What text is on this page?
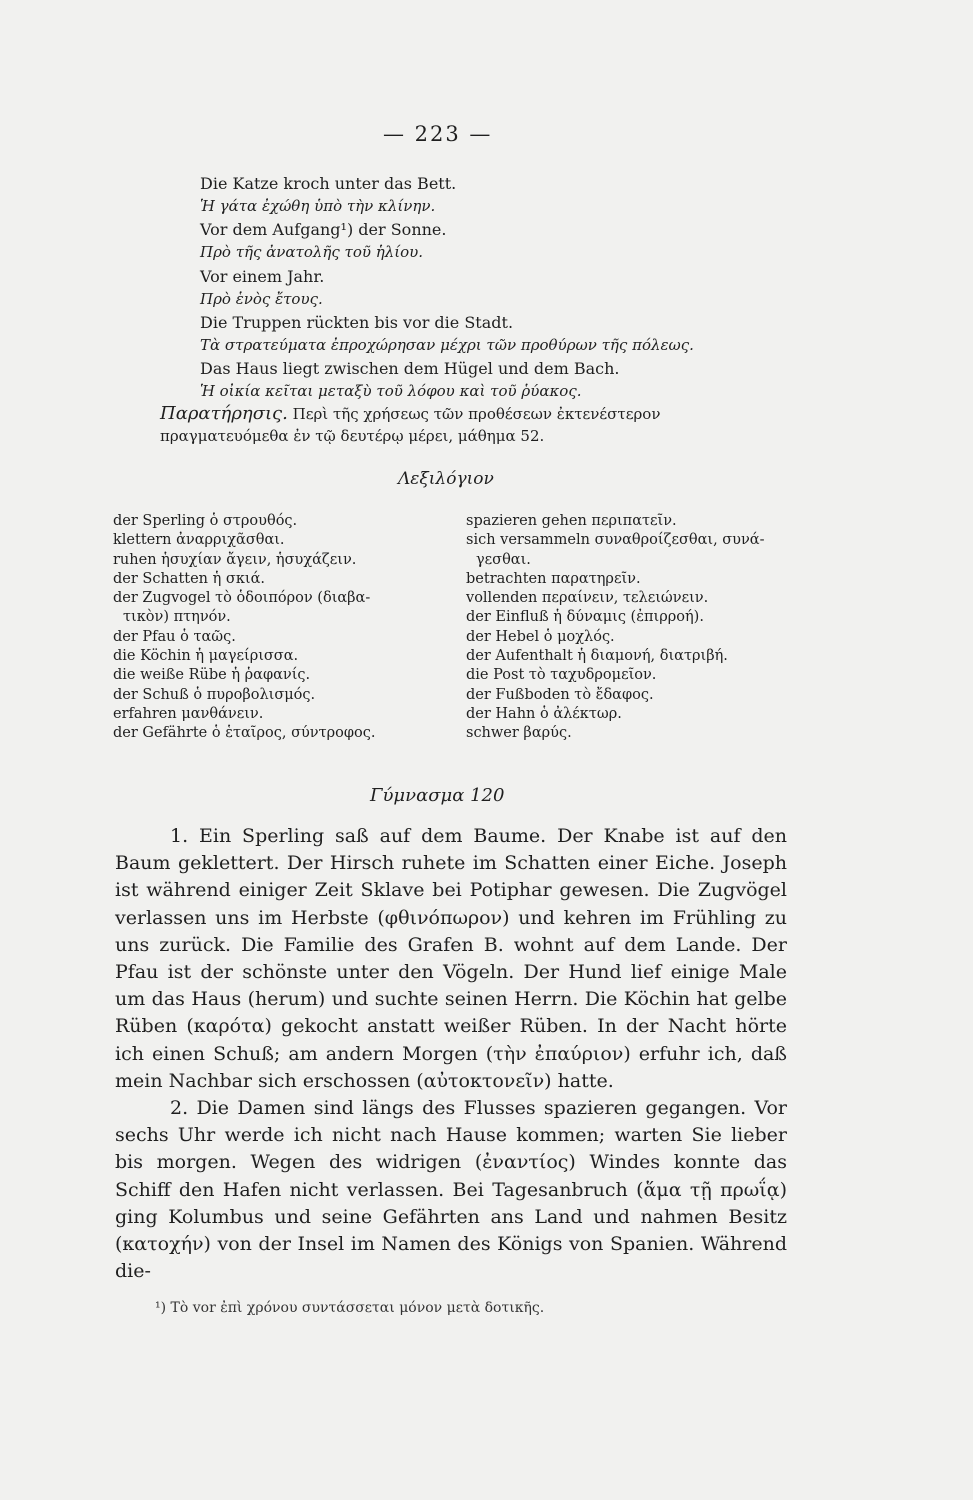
— 223 —
Die Katze kroch unter das Bett.
Ἡ γάτα ἐχώθη ὑπὸ τὴν κλίνην.
Vor dem Aufgang¹) der Sonne.
Πρὸ τῆς ἀνατολῆς τοῦ ἡλίου.
Vor einem Jahr.
Πρὸ ἑνὸς ἔτους.
Die Truppen rückten bis vor die Stadt.
Τὰ στρατεύματα ἐπροχώρησαν μέχρι τῶν προθύρων τῆς πόλεως.
Das Haus liegt zwischen dem Hügel und dem Bach.
Ἡ οἰκία κεῖται μεταξὺ τοῦ λόφου καὶ τοῦ ῥύακος.
Παρατήρησις. Περὶ τῆς χρήσεως τῶν προθέσεων ἐκτενέστερον πραγματευόμεθα ἐν τῷ δευτέρῳ μέρει, μάθημα 52.
Λεξιλόγιον
der Sperling ὁ στρουθός.
klettern ἀναρριχᾶσθαι.
ruhen ἡσυχίαν ἄγειν, ἡσυχάζειν.
der Schatten ἡ σκιά.
der Zugvogel τὸ ὁδοιπόρον (διαβα-
τικὸν) πτηνόν.
der Pfau ὁ ταῶς.
die Köchin ἡ μαγείρισσα.
die weiße Rübe ἡ ῥαφανίς.
der Schuß ὁ πυροβολισμός.
erfahren μανθάνειν.
der Gefährte ὁ ἑταῖρος, σύντροφος.
spazieren gehen περιπατεῖν.
sich versammeln συναθροίζεσθαι, συνά-
γεσθαι.
betrachten παρατηρεῖν.
vollenden περαίνειν, τελειώνειν.
der Einfluß ἡ δύναμις (ἐπιρροή).
der Hebel ὁ μοχλός.
der Aufenthalt ἡ διαμονή, διατριβή.
die Post τὸ ταχυδρομεῖον.
der Fußboden τὸ ἔδαφος.
der Hahn ὁ ἀλέκτωρ.
schwer βαρύς.
Γύμνασμα 120

1. Ein Sperling saß auf dem Baume. Der Knabe ist auf den Baum geklettert. Der Hirsch ruhete im Schatten einer Eiche. Joseph ist während einiger Zeit Sklave bei Potiphar gewesen. Die Zugvögel verlassen uns im Herbste (φθινόπωρον) und kehren im Frühling zu uns zurück. Die Familie des Grafen B. wohnt auf dem Lande. Der Pfau ist der schönste unter den Vögeln. Der Hund lief einige Male um das Haus (herum) und suchte seinen Herrn. Die Köchin hat gelbe Rüben (καρότα) gekocht anstatt weißer Rüben. In der Nacht hörte ich einen Schuß; am andern Morgen (τὴν ἐπαύριον) erfuhr ich, daß mein Nachbar sich erschossen (αὐτοκτονεῖν) hatte.

2. Die Damen sind längs des Flusses spazieren gegangen. Vor sechs Uhr werde ich nicht nach Hause kommen; warten Sie lieber bis morgen. Wegen des widrigen (ἐναντίος) Windes konnte das Schiff den Hafen nicht verlassen. Bei Tagesanbruch (ἅμα τῇ πρωΐᾳ) ging Kolumbus und seine Gefährten ans Land und nahmen Besitz (κατοχήν) von der Insel im Namen des Königs von Spanien. Während die-

¹) Τὸ vor ἐπὶ χρόνου συντάσσεται μόνον μετὰ δοτικῆς.
